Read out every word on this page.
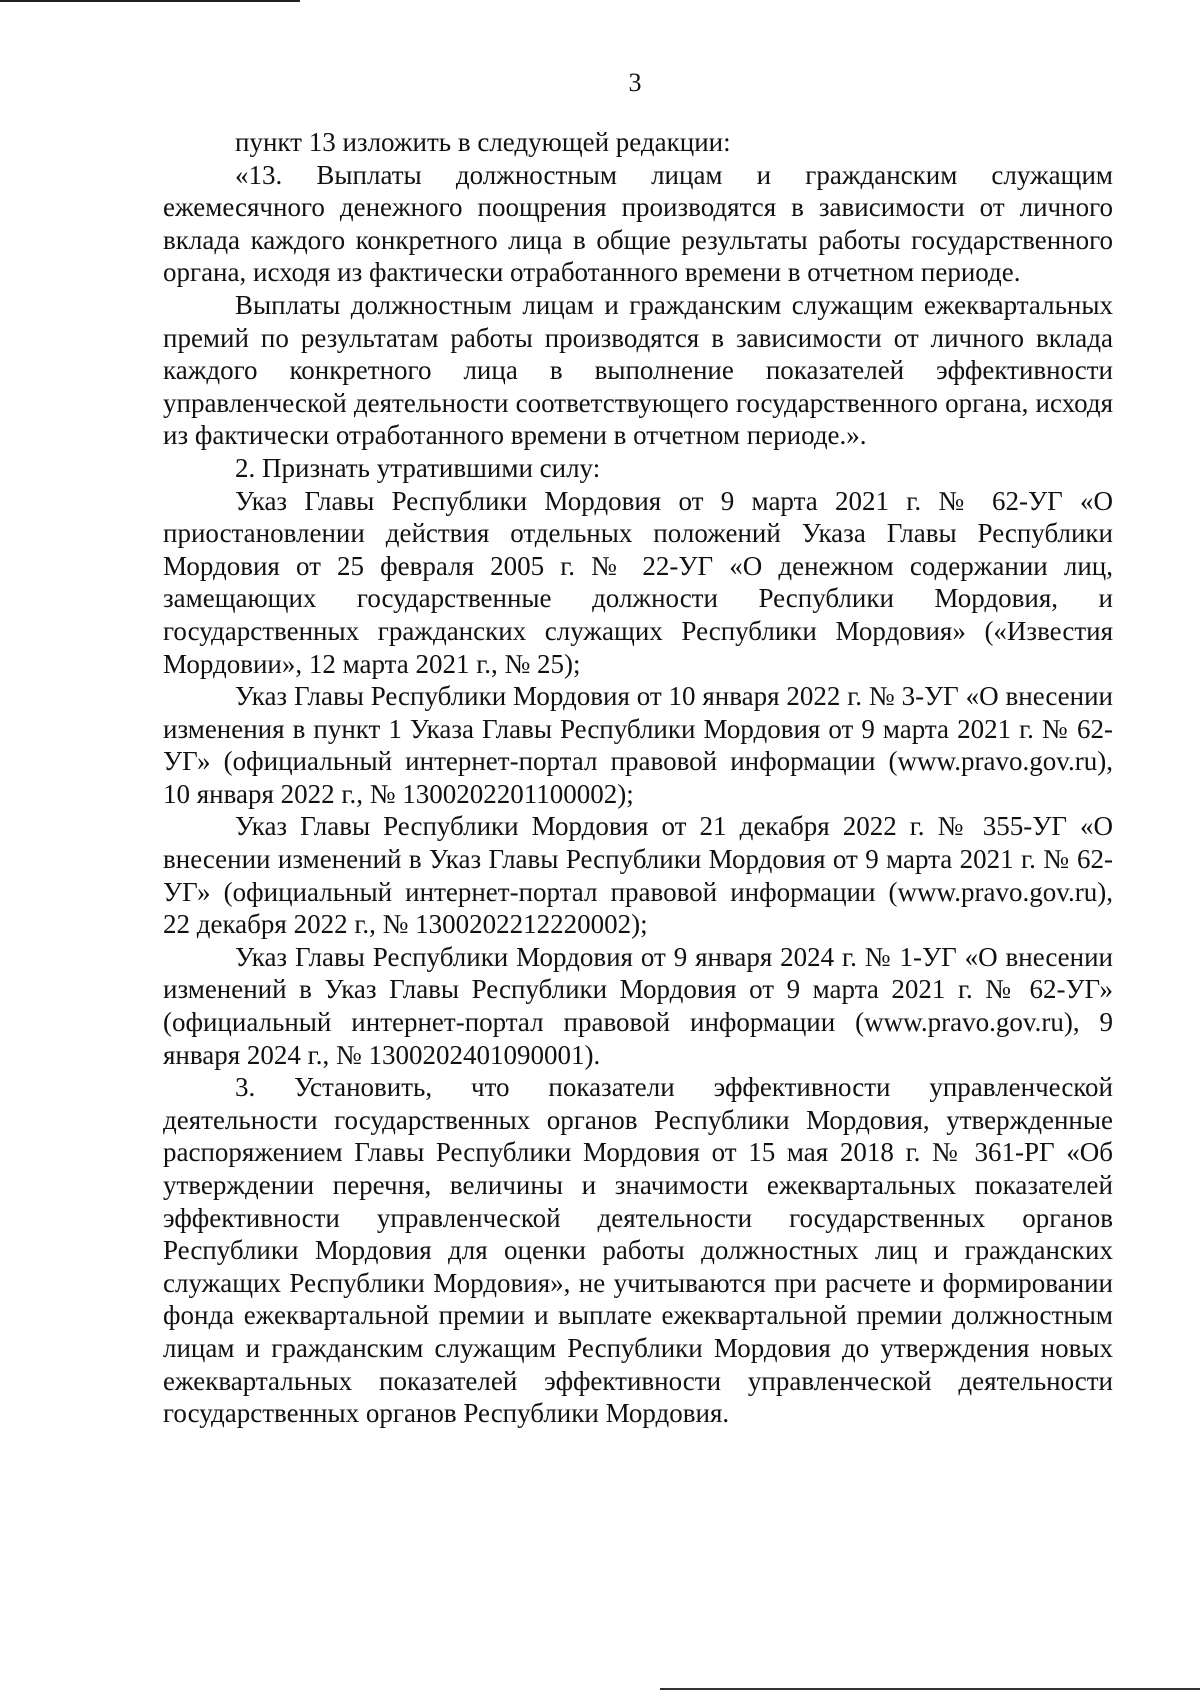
3

пункт 13 изложить в следующей редакции:

«13. Выплаты должностным лицам и гражданским служащим ежемесячного денежного поощрения производятся в зависимости от личного вклада каждого конкретного лица в общие результаты работы государственного органа, исходя из фактически отработанного времени в отчетном периоде.

Выплаты должностным лицам и гражданским служащим ежеквартальных премий по результатам работы производятся в зависимости от личного вклада каждого конкретного лица в выполнение показателей эффективности управленческой деятельности соответствующего государственного органа, исходя из фактически отработанного времени в отчетном периоде.».

2. Признать утратившими силу:

Указ Главы Республики Мордовия от 9 марта 2021 г. № 62-УГ «О приостановлении действия отдельных положений Указа Главы Республики Мордовия от 25 февраля 2005 г. № 22-УГ «О денежном содержании лиц, замещающих государственные должности Республики Мордовия, и государственных гражданских служащих Республики Мордовия» («Известия Мордовии», 12 марта 2021 г., № 25);

Указ Главы Республики Мордовия от 10 января 2022 г. № 3-УГ «О внесении изменения в пункт 1 Указа Главы Республики Мордовия от 9 марта 2021 г. № 62-УГ» (официальный интернет-портал правовой информации (www.pravo.gov.ru), 10 января 2022 г., № 1300202201100002);

Указ Главы Республики Мордовия от 21 декабря 2022 г. № 355-УГ «О внесении изменений в Указ Главы Республики Мордовия от 9 марта 2021 г. № 62-УГ» (официальный интернет-портал правовой информации (www.pravo.gov.ru), 22 декабря 2022 г., № 1300202212220002);

Указ Главы Республики Мордовия от 9 января 2024 г. № 1-УГ «О внесении изменений в Указ Главы Республики Мордовия от 9 марта 2021 г. № 62-УГ» (официальный интернет-портал правовой информации (www.pravo.gov.ru), 9 января 2024 г., № 1300202401090001).

3. Установить, что показатели эффективности управленческой деятельности государственных органов Республики Мордовия, утвержденные распоряжением Главы Республики Мордовия от 15 мая 2018 г. № 361-РГ «Об утверждении перечня, величины и значимости ежеквартальных показателей эффективности управленческой деятельности государственных органов Республики Мордовия для оценки работы должностных лиц и гражданских служащих Республики Мордовия», не учитываются при расчете и формировании фонда ежеквартальной премии и выплате ежеквартальной премии должностным лицам и гражданским служащим Республики Мордовия до утверждения новых ежеквартальных показателей эффективности управленческой деятельности государственных органов Республики Мордовия.
